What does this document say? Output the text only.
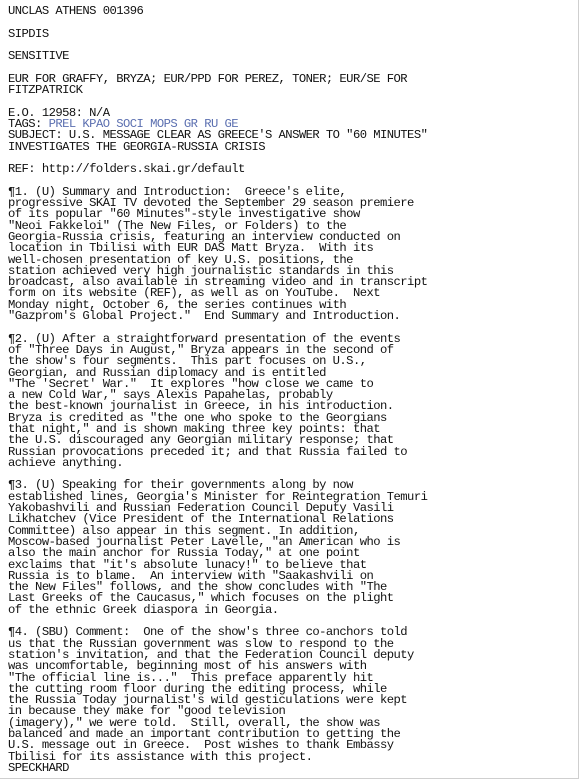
UNCLAS ATHENS 001396
SIPDIS
SENSITIVE
EUR FOR GRAFFY, BRYZA; EUR/PPD FOR PEREZ, TONER; EUR/SE FOR
FITZPATRICK
E.O. 12958: N/A
TAGS: PREL KPAO SOCI MOPS GR RU GE
SUBJECT: U.S. MESSAGE CLEAR AS GREECE'S ANSWER TO "60 MINUTES"
INVESTIGATES THE GEORGIA-RUSSIA CRISIS
REF: http://folders.skai.gr/default
¶1. (U) Summary and Introduction:  Greece's elite,
progressive SKAI TV devoted the September 29 season premiere
of its popular "60 Minutes"-style investigative show
"Neoi Fakkeloi" (The New Files, or Folders) to the
Georgia-Russia crisis, featuring an interview conducted on
location in Tbilisi with EUR DAS Matt Bryza.  With its
well-chosen presentation of key U.S. positions, the
station achieved very high journalistic standards in this
broadcast, also available in streaming video and in transcript
form on its website (REF), as well as on YouTube.  Next
Monday night, October 6, the series continues with
"Gazprom's Global Project."  End Summary and Introduction.
¶2. (U) After a straightforward presentation of the events
of "Three Days in August," Bryza appears in the second of
the show's four segments.  This part focuses on U.S.,
Georgian, and Russian diplomacy and is entitled
"The 'Secret' War."  It explores "how close we came to
a new Cold War," says Alexis Papahelas, probably
the best-known journalist in Greece, in his introduction.
Bryza is credited as "the one who spoke to the Georgians
that night," and is shown making three key points: that
the U.S. discouraged any Georgian military response; that
Russian provocations preceded it; and that Russia failed to
achieve anything.
¶3. (U) Speaking for their governments along by now
established lines, Georgia's Minister for Reintegration Temuri
Yakobashvili and Russian Federation Council Deputy Vasili
Likhatchev (Vice President of the International Relations
Committee) also appear in this segment. In addition,
Moscow-based journalist Peter Lavelle, "an American who is
also the main anchor for Russia Today," at one point
exclaims that "it's absolute lunacy!" to believe that
Russia is to blame.  An interview with "Saakashvili on
the New Files" follows, and the show concludes with "The
Last Greeks of the Caucasus," which focuses on the plight
of the ethnic Greek diaspora in Georgia.
¶4. (SBU) Comment:  One of the show's three co-anchors told
us that the Russian government was slow to respond to the
station's invitation, and that the Federation Council deputy
was uncomfortable, beginning most of his answers with
"The official line is..."  This preface apparently hit
the cutting room floor during the editing process, while
the Russia Today journalist's wild gesticulations were kept
in because they make for "good television
(imagery)," we were told.  Still, overall, the show was
balanced and made an important contribution to getting the
U.S. message out in Greece.  Post wishes to thank Embassy
Tbilisi for its assistance with this project.
SPECKHARD
